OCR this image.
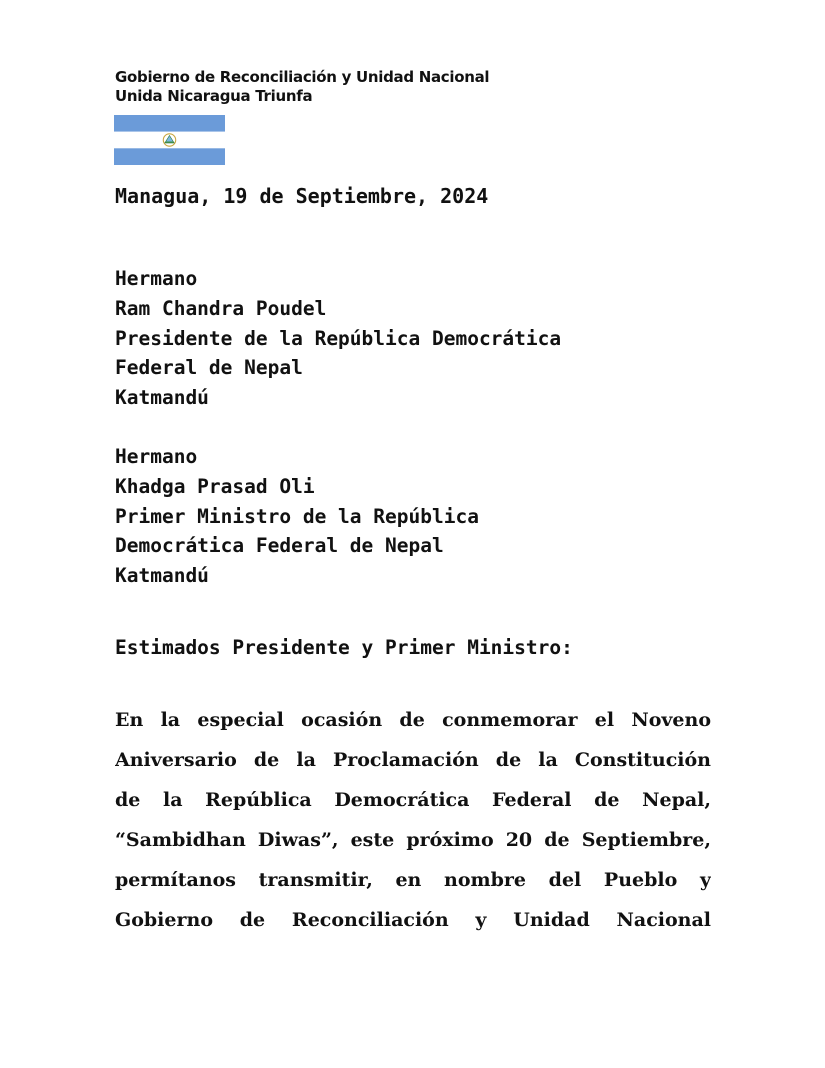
Gobierno de Reconciliación y Unidad Nacional
Unida Nicaragua Triunfa
Managua, 19 de Septiembre, 2024
Hermano
Ram Chandra Poudel
Presidente de la República Democrática
Federal de Nepal
Katmandú
Hermano
Khadga Prasad Oli
Primer Ministro de la República
Democrática Federal de Nepal
Katmandú
Estimados Presidente y Primer Ministro:
En la especial ocasión de conmemorar el Noveno
Aniversario de la Proclamación de la Constitución
de la República Democrática Federal de Nepal,
“Sambidhan Diwas”, este próximo 20 de Septiembre,
permítanos transmitir, en nombre del Pueblo y
Gobierno de Reconciliación y Unidad Nacional
